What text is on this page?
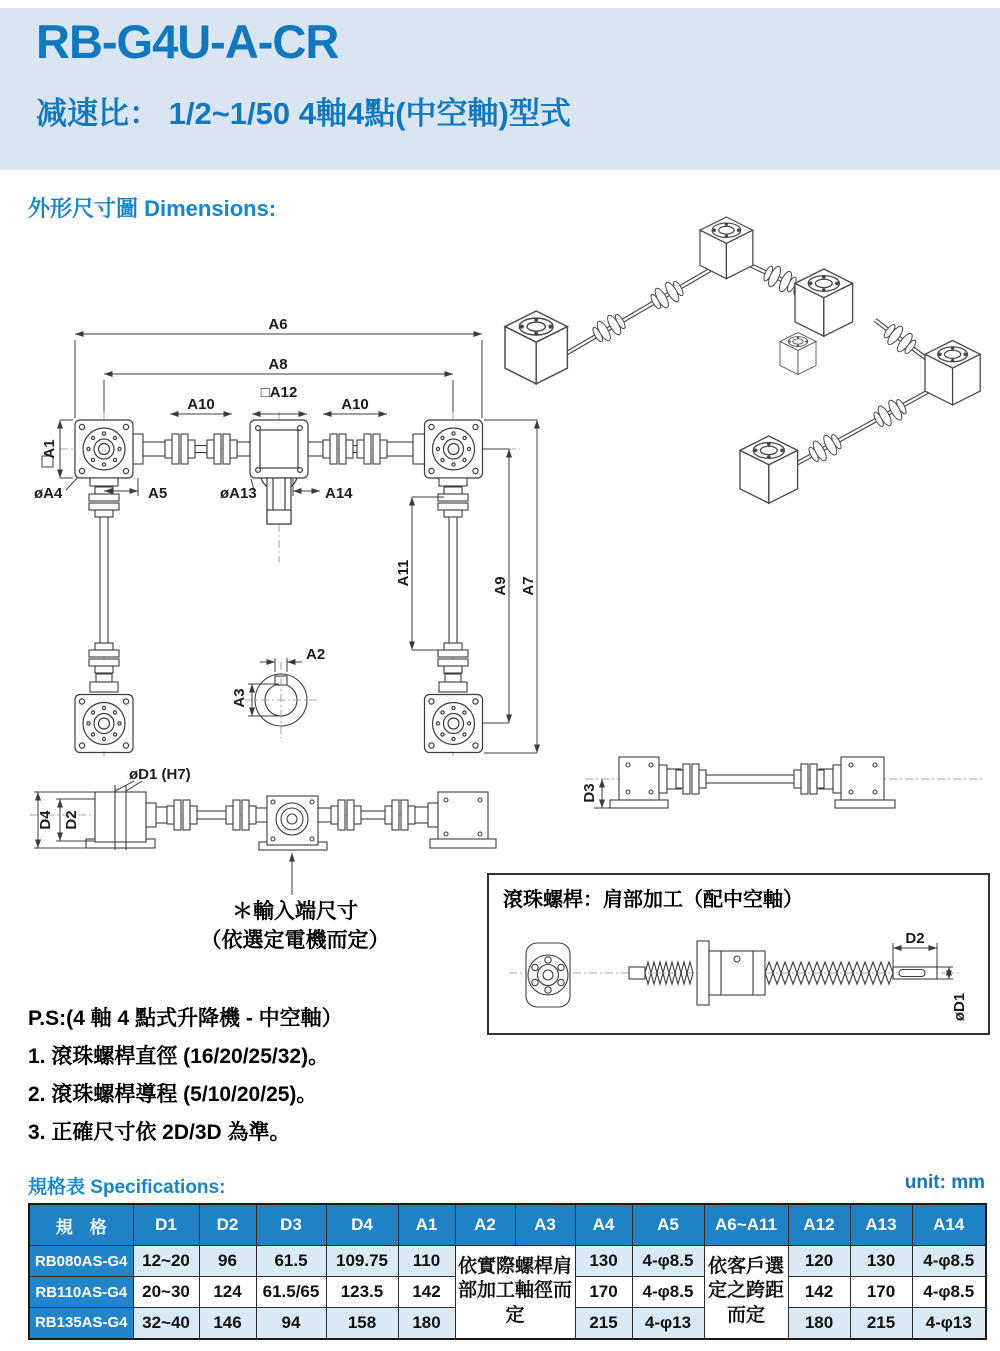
RB-G4U-A-CR
减速比： 1/2~1/50 4軸4點(中空軸)型式
外形尺寸圖 Dimensions:
A6
A8
A10
□A12
A10
A1
øA4	A5	øA13	A14
A11	A9 A7
A2
A3
øD1 (H7)
D4 D2
＊輸入端尺寸
（依選定電機而定）
D3
滾珠螺桿：肩部加工（配中空軸）
D2
øD1
P.S:(4 軸 4 點式升降機 - 中空軸）
1. 滾珠螺桿直徑 (16/20/25/32)。
2. 滾珠螺桿導程 (5/10/20/25)。
3. 正確尺寸依 2D/3D 為準。
規格表 Specifications:	unit: mm
規　格	D1	D2	D3	D4	A1	A2	A3	A4	A5	A6~A11	A12	A13	A14
RB080AS-G4	12~20	96	61.5	109.75	110	依實際螺桿肩部加工軸徑而定		130	4-φ8.5	依客戶選定之跨距而定	120	130	4-φ8.5
RB110AS-G4	20~30	124	61.5/65	123.5	142			170	4-φ8.5		142	170	4-φ8.5
RB135AS-G4	32~40	146	94	158	180			215	4-φ13		180	215	4-φ13
